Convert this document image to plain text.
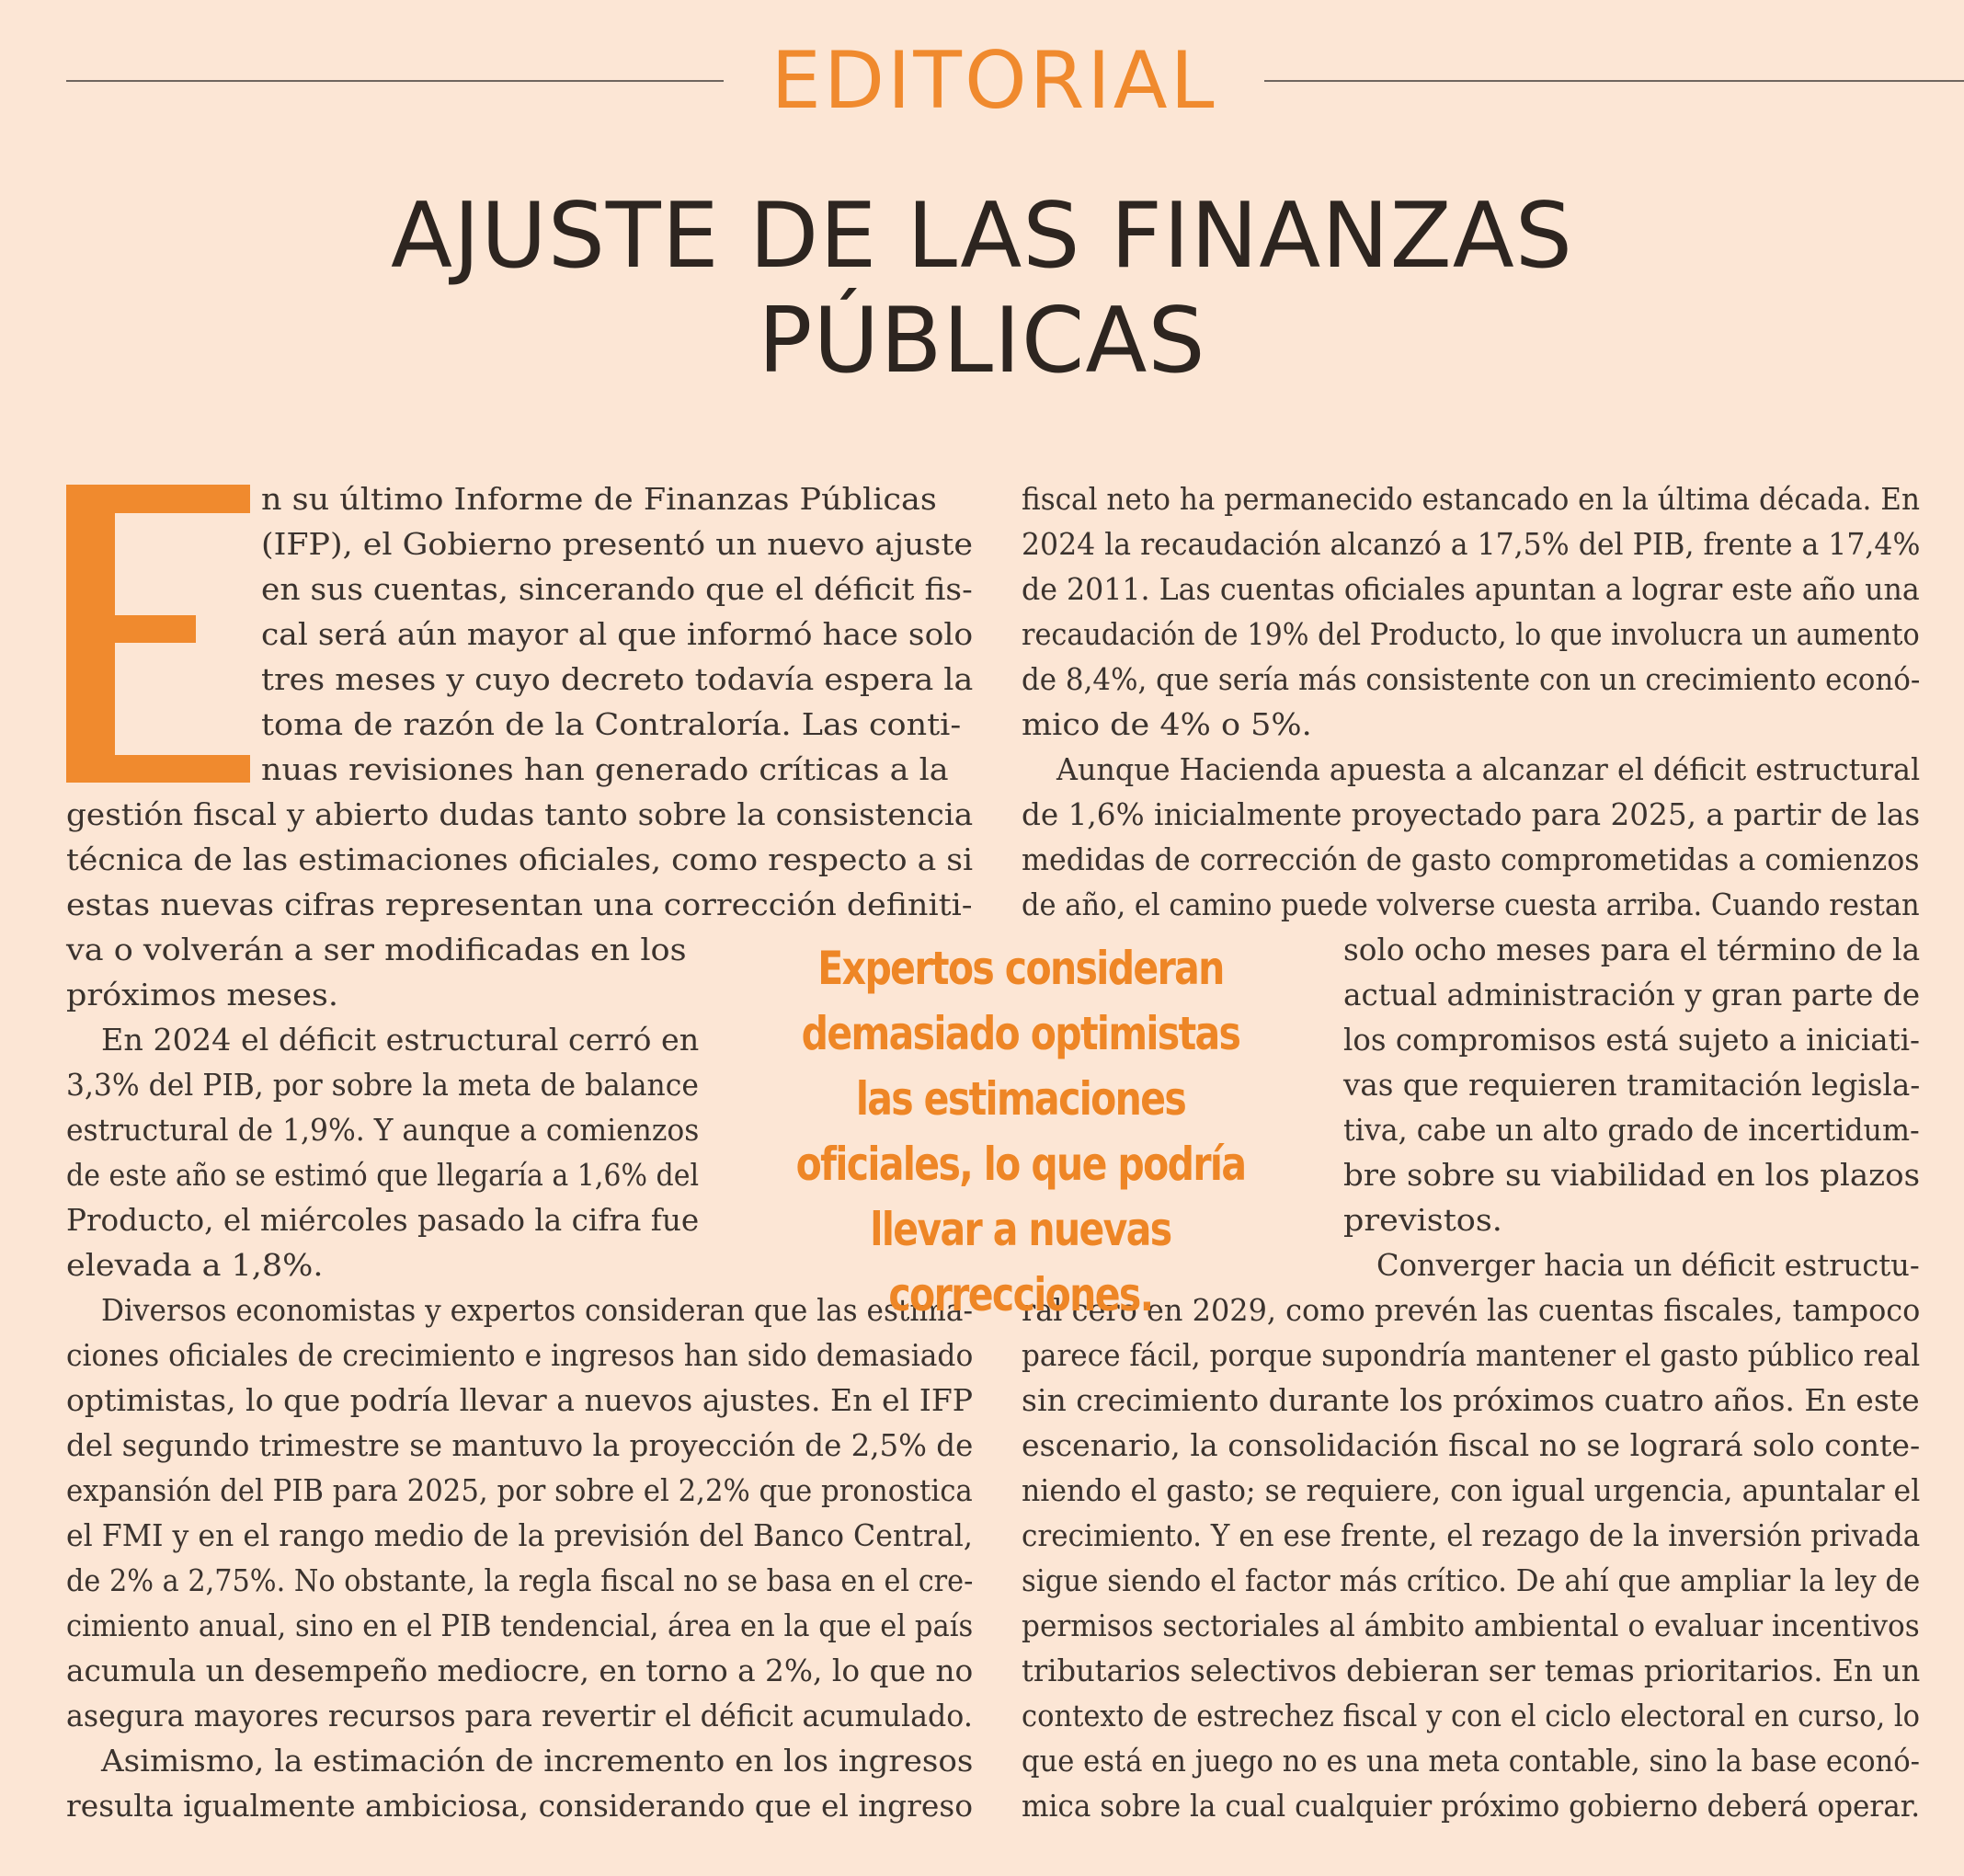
EDITORIAL
AJUSTE DE LAS FINANZAS
PÚBLICAS
n su último Informe de Finanzas Públicas
(IFP), el Gobierno presentó un nuevo ajuste
en sus cuentas, sincerando que el déficit fis-
cal será aún mayor al que informó hace solo
tres meses y cuyo decreto todavía espera la
toma de razón de la Contraloría. Las conti-
nuas revisiones han generado críticas a la
gestión fiscal y abierto dudas tanto sobre la consistencia
técnica de las estimaciones oficiales, como respecto a si
estas nuevas cifras representan una corrección definiti-
va o volverán a ser modificadas en los
próximos meses.
En 2024 el déficit estructural cerró en
3,3% del PIB, por sobre la meta de balance
estructural de 1,9%. Y aunque a comienzos
de este año se estimó que llegaría a 1,6% del
Producto, el miércoles pasado la cifra fue
elevada a 1,8%.
Diversos economistas y expertos consideran que las estima-
ciones oficiales de crecimiento e ingresos han sido demasiado
optimistas, lo que podría llevar a nuevos ajustes. En el IFP
del segundo trimestre se mantuvo la proyección de 2,5% de
expansión del PIB para 2025, por sobre el 2,2% que pronostica
el FMI y en el rango medio de la previsión del Banco Central,
de 2% a 2,75%. No obstante, la regla fiscal no se basa en el cre-
cimiento anual, sino en el PIB tendencial, área en la que el país
acumula un desempeño mediocre, en torno a 2%, lo que no
asegura mayores recursos para revertir el déficit acumulado.
Asimismo, la estimación de incremento en los ingresos
resulta igualmente ambiciosa, considerando que el ingreso
fiscal neto ha permanecido estancado en la última década. En
2024 la recaudación alcanzó a 17,5% del PIB, frente a 17,4%
de 2011. Las cuentas oficiales apuntan a lograr este año una
recaudación de 19% del Producto, lo que involucra un aumento
de 8,4%, que sería más consistente con un crecimiento econó-
mico de 4% o 5%.
Aunque Hacienda apuesta a alcanzar el déficit estructural
de 1,6% inicialmente proyectado para 2025, a partir de las
medidas de corrección de gasto comprometidas a comienzos
de año, el camino puede volverse cuesta arriba. Cuando restan
solo ocho meses para el término de la
actual administración y gran parte de
los compromisos está sujeto a iniciati-
vas que requieren tramitación legisla-
tiva, cabe un alto grado de incertidum-
bre sobre su viabilidad en los plazos
previstos.
Converger hacia un déficit estructu-
ral cero en 2029, como prevén las cuentas fiscales, tampoco
parece fácil, porque supondría mantener el gasto público real
sin crecimiento durante los próximos cuatro años. En este
escenario, la consolidación fiscal no se logrará solo conte-
niendo el gasto; se requiere, con igual urgencia, apuntalar el
crecimiento. Y en ese frente, el rezago de la inversión privada
sigue siendo el factor más crítico. De ahí que ampliar la ley de
permisos sectoriales al ámbito ambiental o evaluar incentivos
tributarios selectivos debieran ser temas prioritarios. En un
contexto de estrechez fiscal y con el ciclo electoral en curso, lo
que está en juego no es una meta contable, sino la base econó-
mica sobre la cual cualquier próximo gobierno deberá operar.

Expertos consideran demasiado optimistas las estimaciones oficiales, lo que podría llevar a nuevas correcciones.
